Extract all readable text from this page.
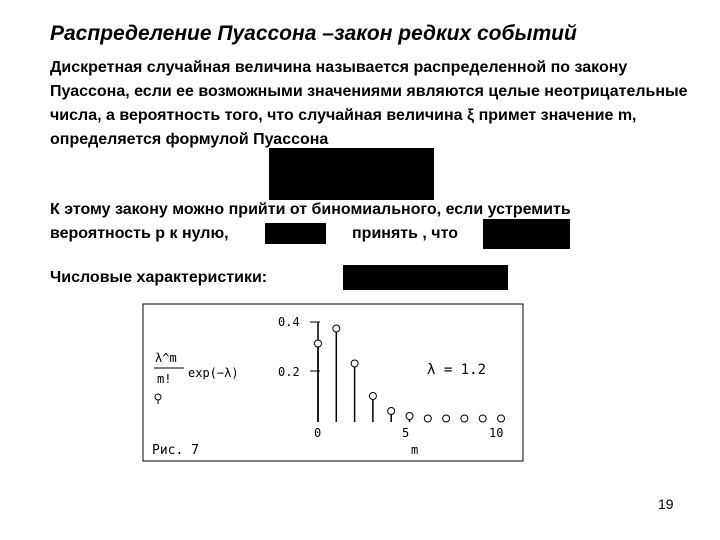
Распределение Пуассона –закон редких событий

Дискретная случайная величина называется распределенной по закону Пуассона, если ее возможными значениями являются целые неотрицательные числа, а вероятность того, что случайная величина ξ примет значение m, определяется формулой Пуассона

К этому закону можно прийти от биномиального, если устремить
вероятность р к нулю,	принять , что
Числовые характеристики:
0.4
0.2
λ^m
m! exp(−λ)	λ = 1.2
0	5	10
m
Рис. 7
19
